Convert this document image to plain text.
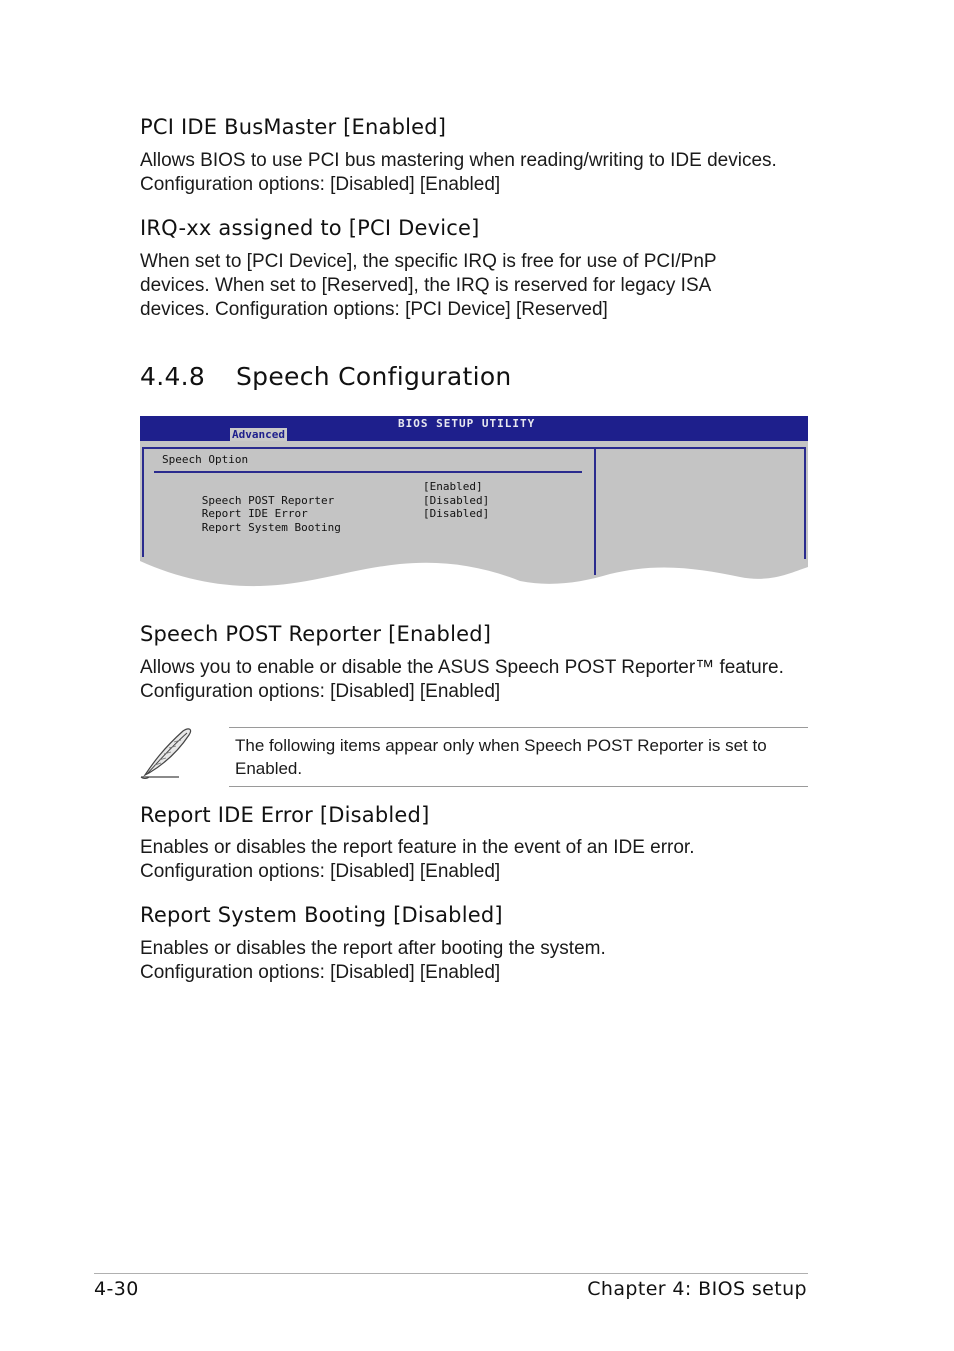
PCI IDE BusMaster [Enabled]

Allows BIOS to use PCI bus mastering when reading/writing to IDE devices.

Configuration options: [Disabled] [Enabled]

IRQ-xx assigned to [PCI Device]

When set to [PCI Device], the specific IRQ is free for use of PCI/PnP

devices. When set to [Reserved], the IRQ is reserved for legacy ISA

devices. Configuration options: [PCI Device] [Reserved]

4.4.8 Speech Configuration
Advanced
BIOS SETUP UTILITY
Speech Option

Speech POST Reporter

[Enabled]

Report IDE Error

[Disabled]

Report System Booting

[Disabled]
Speech POST Reporter [Enabled]

Allows you to enable or disable the ASUS Speech POST Reporter™ feature.

Configuration options: [Disabled] [Enabled]

The following items appear only when Speech POST Reporter is set to
Enabled.
Report IDE Error [Disabled]

Enables or disables the report feature in the event of an IDE error.

Configuration options: [Disabled] [Enabled]

Report System Booting [Disabled]

Enables or disables the report after booting the system.

Configuration options: [Disabled] [Enabled]

4-30	Chapter 4: BIOS setup
